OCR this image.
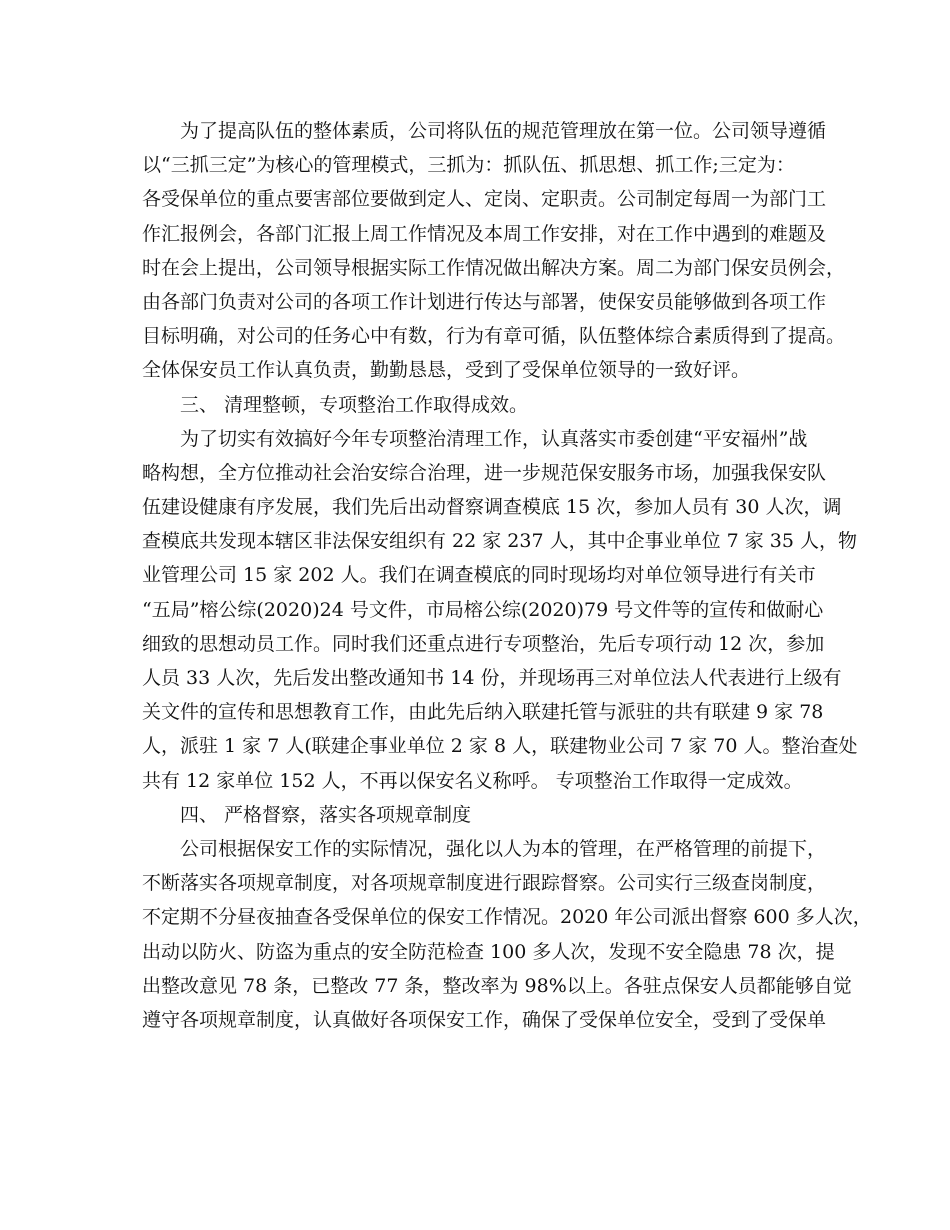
为了提高队伍的整体素质，公司将队伍的规范管理放在第一位。公司领导遵循
以“三抓三定”为核心的管理模式，三抓为：抓队伍、抓思想、抓工作;三定为：
各受保单位的重点要害部位要做到定人、定岗、定职责。公司制定每周一为部门工
作汇报例会，各部门汇报上周工作情况及本周工作安排，对在工作中遇到的难题及
时在会上提出，公司领导根据实际工作情况做出解决方案。周二为部门保安员例会，
由各部门负责对公司的各项工作计划进行传达与部署，使保安员能够做到各项工作
目标明确，对公司的任务心中有数，行为有章可循，队伍整体综合素质得到了提高。
全体保安员工作认真负责，勤勤恳恳，受到了受保单位领导的一致好评。
三、 清理整顿，专项整治工作取得成效。
为了切实有效搞好今年专项整治清理工作，认真落实市委创建“平安福州”战
略构想，全方位推动社会治安综合治理，进一步规范保安服务市场，加强我保安队
伍建设健康有序发展，我们先后出动督察调查模底 15 次，参加人员有 30 人次，调
查模底共发现本辖区非法保安组织有 22 家 237 人，其中企事业单位 7 家 35 人，物
业管理公司 15 家 202 人。我们在调查模底的同时现场均对单位领导进行有关市
“五局”榕公综(2020)24 号文件，市局榕公综(2020)79 号文件等的宣传和做耐心
细致的思想动员工作。同时我们还重点进行专项整治，先后专项行动 12 次，参加
人员 33 人次，先后发出整改通知书 14 份，并现场再三对单位法人代表进行上级有
关文件的宣传和思想教育工作，由此先后纳入联建托管与派驻的共有联建 9 家 78
人，派驻 1 家 7 人(联建企事业单位 2 家 8 人，联建物业公司 7 家 70 人。整治查处
共有 12 家单位 152 人，不再以保安名义称呼。 专项整治工作取得一定成效。
四、 严格督察，落实各项规章制度
公司根据保安工作的实际情况，强化以人为本的管理，在严格管理的前提下，
不断落实各项规章制度，对各项规章制度进行跟踪督察。公司实行三级查岗制度，
不定期不分昼夜抽查各受保单位的保安工作情况。2020 年公司派出督察 600 多人次，
出动以防火、防盗为重点的安全防范检查 100 多人次，发现不安全隐患 78 次，提
出整改意见 78 条，已整改 77 条，整改率为 98%以上。各驻点保安人员都能够自觉
遵守各项规章制度，认真做好各项保安工作，确保了受保单位安全，受到了受保单
